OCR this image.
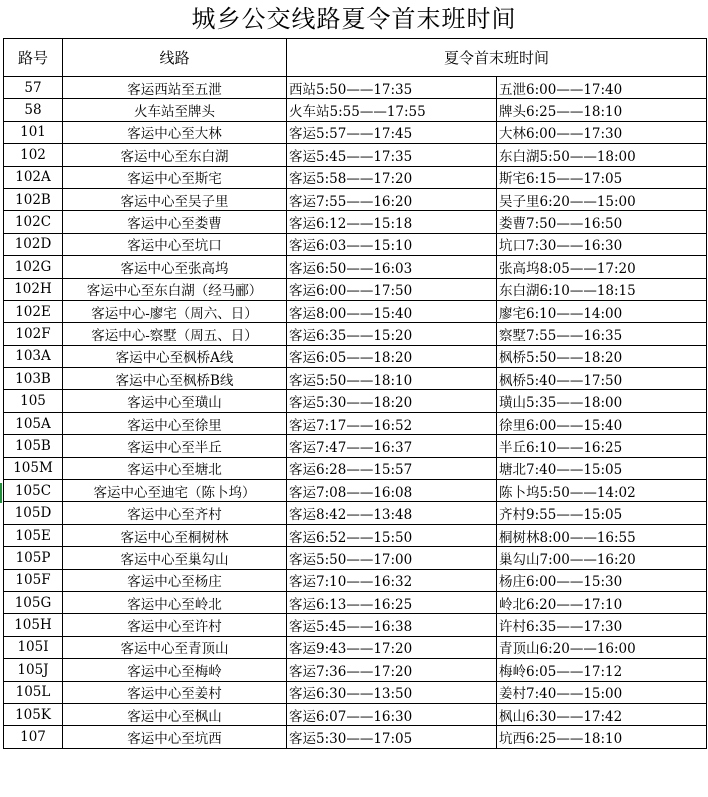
城乡公交线路夏令首末班时间
路号	线路	夏令首末班时间	
57	客运西站至五泄	西站5:50——17:35	五泄6:00——17:40
58	火车站至牌头	火车站5:55——17:55	牌头6:25——18:10
101	客运中心至大林	客运5:57——17:45	大林6:00——17:30
102	客运中心至东白湖	客运5:45——17:35	东白湖5:50——18:00
102A	客运中心至斯宅	客运5:58——17:20	斯宅6:15——17:05
102B	客运中心至吴子里	客运7:55——16:20	吴子里6:20——15:00
102C	客运中心至娄曹	客运6:12——15:18	娄曹7:50——16:50
102D	客运中心至坑口	客运6:03——15:10	坑口7:30——16:30
102G	客运中心至张高坞	客运6:50——16:03	张高坞8:05——17:20
102H	客运中心至东白湖（经马郦）	客运6:00——17:50	东白湖6:10——18:15
102E	客运中心-廖宅（周六、日）	客运8:00——15:40	廖宅6:10——14:00
102F	客运中心-察墅（周五、日）	客运6:35——15:20	察墅7:55——16:35
103A	客运中心至枫桥A线	客运6:05——18:20	枫桥5:50——18:20
103B	客运中心至枫桥B线	客运5:50——18:10	枫桥5:40——17:50
105	客运中心至璜山	客运5:30——18:20	璜山5:35——18:00
105A	客运中心至徐里	客运7:17——16:52	徐里6:00——15:40
105B	客运中心至半丘	客运7:47——16:37	半丘6:10——16:25
105M	客运中心至塘北	客运6:28——15:57	塘北7:40——15:05
105C	客运中心至迪宅（陈卜坞）	客运7:08——16:08	陈卜坞5:50——14:02
105D	客运中心至齐村	客运8:42——13:48	齐村9:55——15:05
105E	客运中心至桐树林	客运6:52——15:50	桐树林8:00——16:55
105P	客运中心至巢勾山	客运5:50——17:00	巢勾山7:00——16:20
105F	客运中心至杨庄	客运7:10——16:32	杨庄6:00——15:30
105G	客运中心至岭北	客运6:13——16:25	岭北6:20——17:10
105H	客运中心至许村	客运5:45——16:38	许村6:35——17:30
105I	客运中心至青顶山	客运9:43——17:20	青顶山6:20——16:00
105J	客运中心至梅岭	客运7:36——17:20	梅岭6:05——17:12
105L	客运中心至姜村	客运6:30——13:50	姜村7:40——15:00
105K	客运中心至枫山	客运6:07——16:30	枫山6:30——17:42
107	客运中心至坑西	客运5:30——17:05	坑西6:25——18:10
